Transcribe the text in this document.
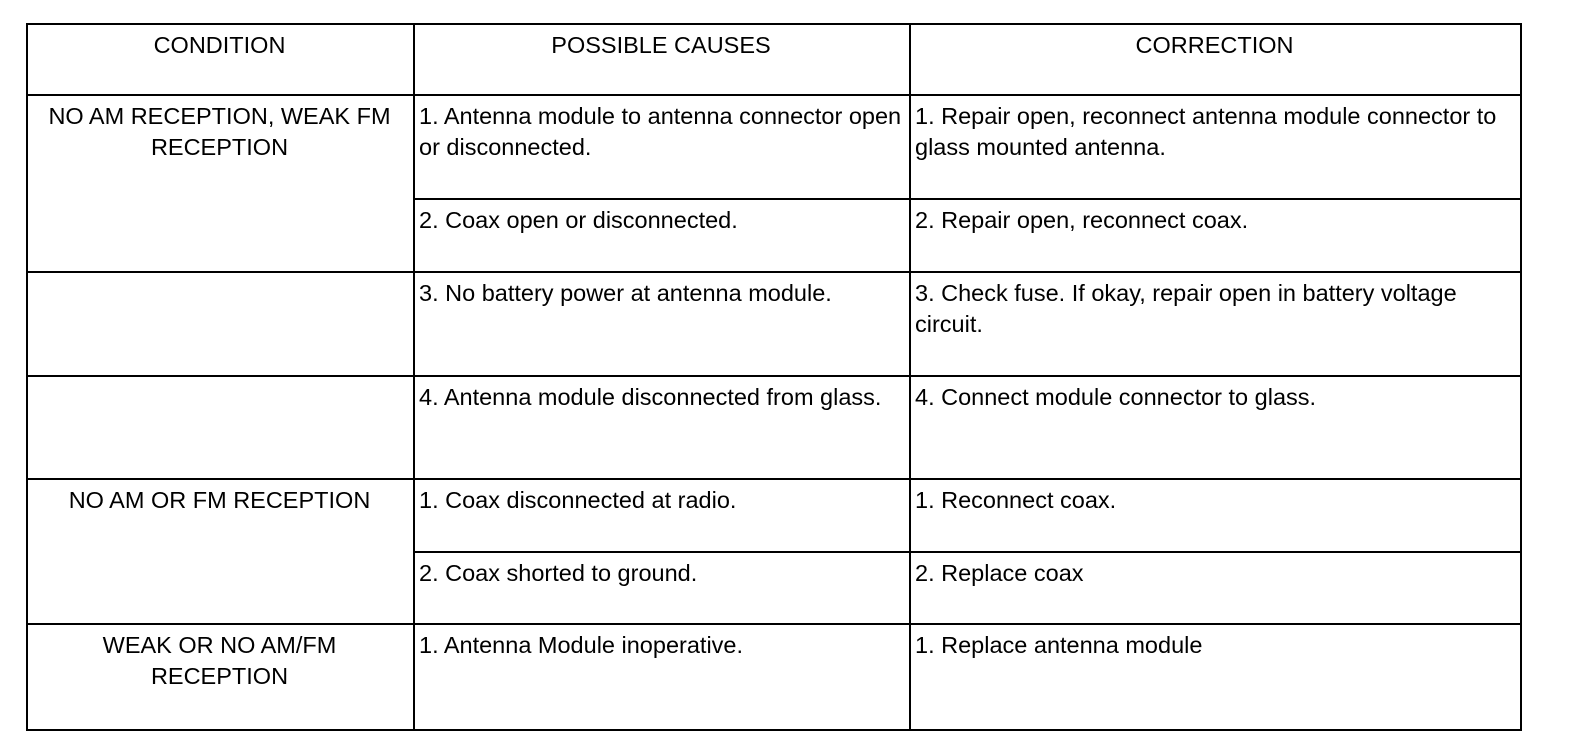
CONDITION	POSSIBLE CAUSES	CORRECTION
NO AM RECEPTION, WEAK FM RECEPTION	1. Antenna module to antenna connector open or disconnected.	1. Repair open, reconnect antenna module connector to glass mounted antenna.
	2. Coax open or disconnected.	2. Repair open, reconnect coax.
	3. No battery power at antenna module.	3. Check fuse. If okay, repair open in battery voltage circuit.
	4. Antenna module disconnected from glass.	4. Connect module connector to glass.
NO AM OR FM RECEPTION	1. Coax disconnected at radio.	1. Reconnect coax.
	2. Coax shorted to ground.	2. Replace coax
WEAK OR NO AM/FM RECEPTION	1. Antenna Module inoperative.	1. Replace antenna module
